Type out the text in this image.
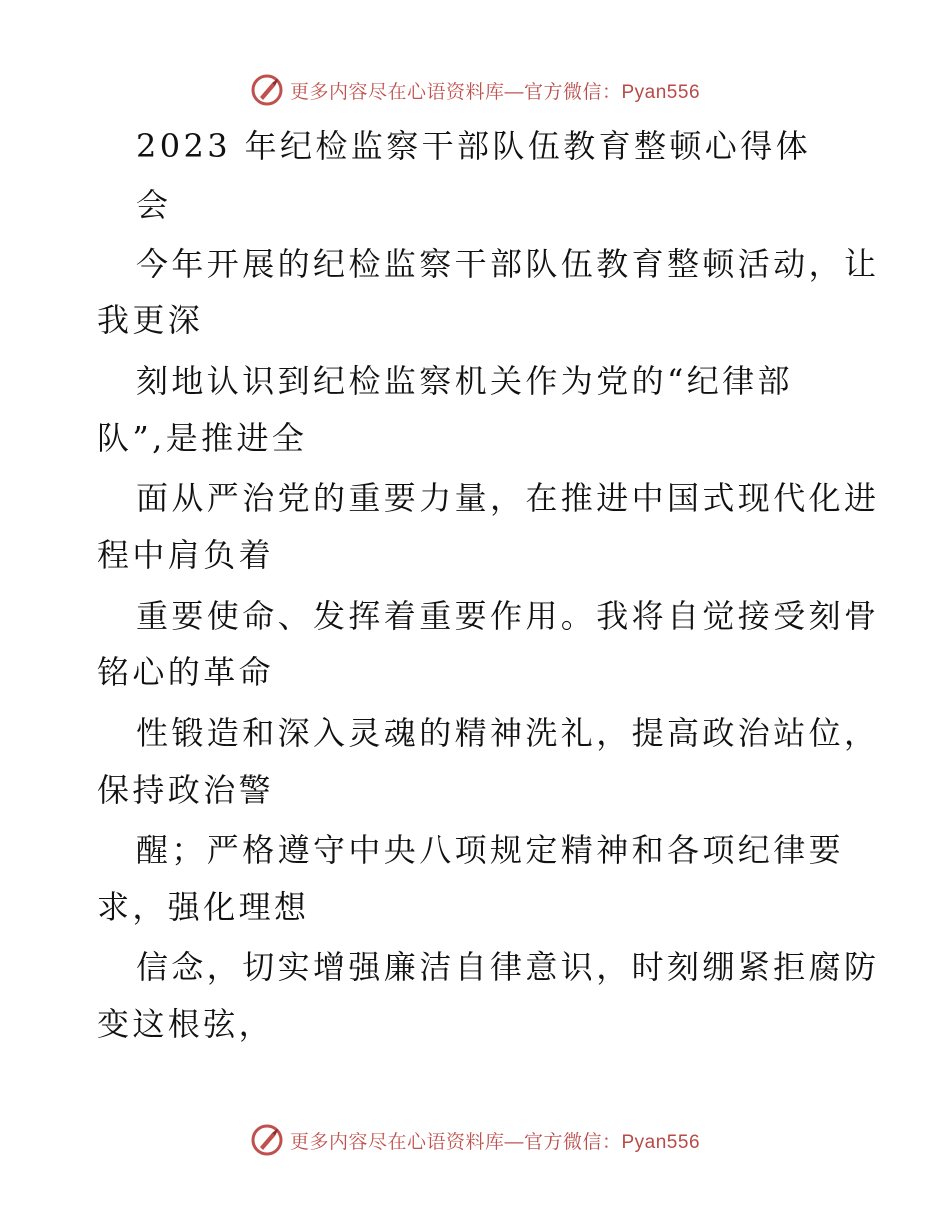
更多内容尽在心语资料库—官方微信：Pyan556
2023 年纪检监察干部队伍教育整顿心得体
会
今年开展的纪检监察干部队伍教育整顿活动，让
我更深
刻地认识到纪检监察机关作为党的“纪律部
队”,是推进全
面从严治党的重要力量，在推进中国式现代化进
程中肩负着
重要使命、发挥着重要作用。我将自觉接受刻骨
铭心的革命
性锻造和深入灵魂的精神洗礼，提高政治站位，
保持政治警
醒；严格遵守中央八项规定精神和各项纪律要
求，强化理想
信念，切实增强廉洁自律意识，时刻绷紧拒腐防
变这根弦，
更多内容尽在心语资料库—官方微信：Pyan556
